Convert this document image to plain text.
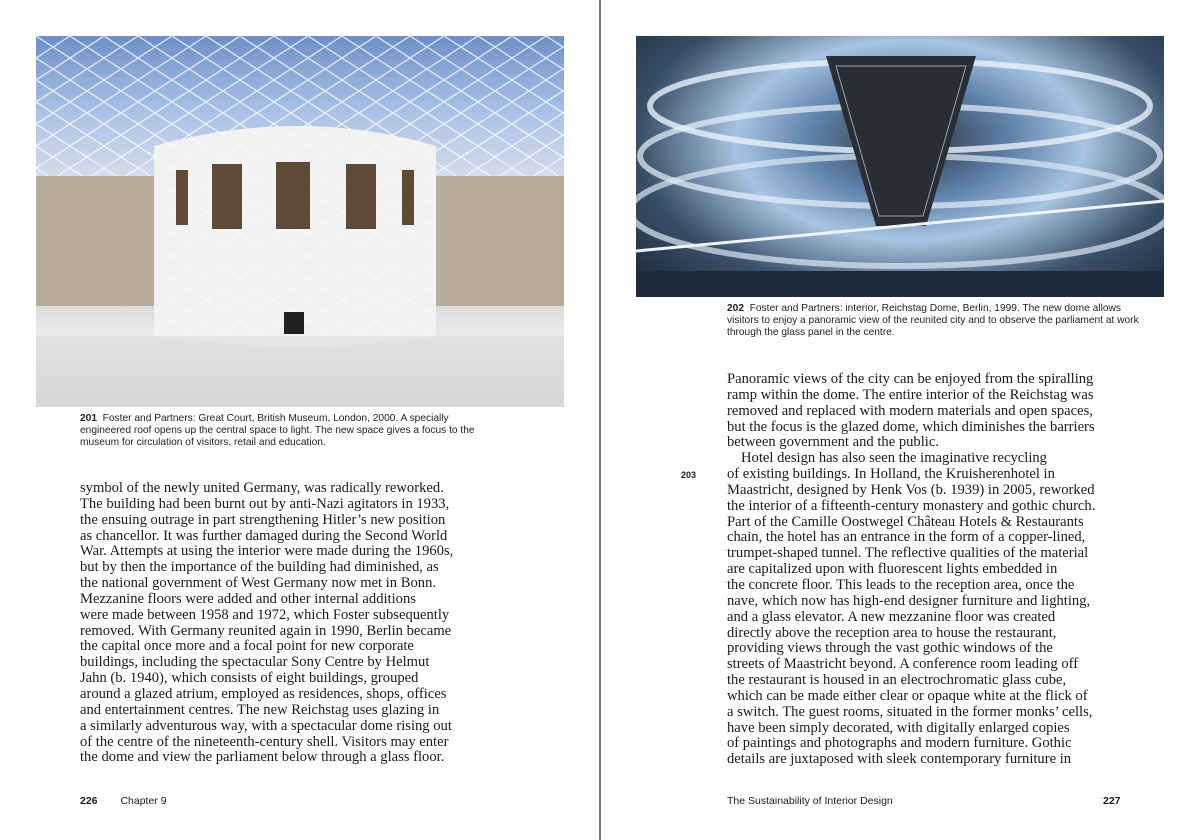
201 Foster and Partners: Great Court, British Museum, London, 2000. A specially engineered roof opens up the central space to light. The new space gives a focus to the museum for circulation of visitors, retail and education.
symbol of the newly united Germany, was radically reworked.
The building had been burnt out by anti-Nazi agitators in 1933,
the ensuing outrage in part strengthening Hitler’s new position
as chancellor. It was further damaged during the Second World
War. Attempts at using the interior were made during the 1960s,
but by then the importance of the building had diminished, as
the national government of West Germany now met in Bonn.
Mezzanine floors were added and other internal additions
were made between 1958 and 1972, which Foster subsequently
removed. With Germany reunited again in 1990, Berlin became
the capital once more and a focal point for new corporate
buildings, including the spectacular Sony Centre by Helmut
Jahn (b. 1940), which consists of eight buildings, grouped
around a glazed atrium, employed as residences, shops, offices
and entertainment centres. The new Reichstag uses glazing in
a similarly adventurous way, with a spectacular dome rising out
of the centre of the nineteenth-century shell. Visitors may enter
the dome and view the parliament below through a glass floor.
226 Chapter 9
202 Foster and Partners: interior, Reichstag Dome, Berlin, 1999. The new dome allows visitors to enjoy a panoramic view of the reunited city and to observe the parliament at work through the glass panel in the centre.
203
Panoramic views of the city can be enjoyed from the spiralling
ramp within the dome. The entire interior of the Reichstag was
removed and replaced with modern materials and open spaces,
but the focus is the glazed dome, which diminishes the barriers
between government and the public.
Hotel design has also seen the imaginative recycling
of existing buildings. In Holland, the Kruisherenhotel in
Maastricht, designed by Henk Vos (b. 1939) in 2005, reworked
the interior of a fifteenth-century monastery and gothic church.
Part of the Camille Oostwegel Château Hotels & Restaurants
chain, the hotel has an entrance in the form of a copper-lined,
trumpet-shaped tunnel. The reflective qualities of the material
are capitalized upon with fluorescent lights embedded in
the concrete floor. This leads to the reception area, once the
nave, which now has high-end designer furniture and lighting,
and a glass elevator. A new mezzanine floor was created
directly above the reception area to house the restaurant,
providing views through the vast gothic windows of the
streets of Maastricht beyond. A conference room leading off
the restaurant is housed in an electrochromatic glass cube,
which can be made either clear or opaque white at the flick of
a switch. The guest rooms, situated in the former monks’ cells,
have been simply decorated, with digitally enlarged copies
of paintings and photographs and modern furniture. Gothic
details are juxtaposed with sleek contemporary furniture in
The Sustainability of Interior Design	227
